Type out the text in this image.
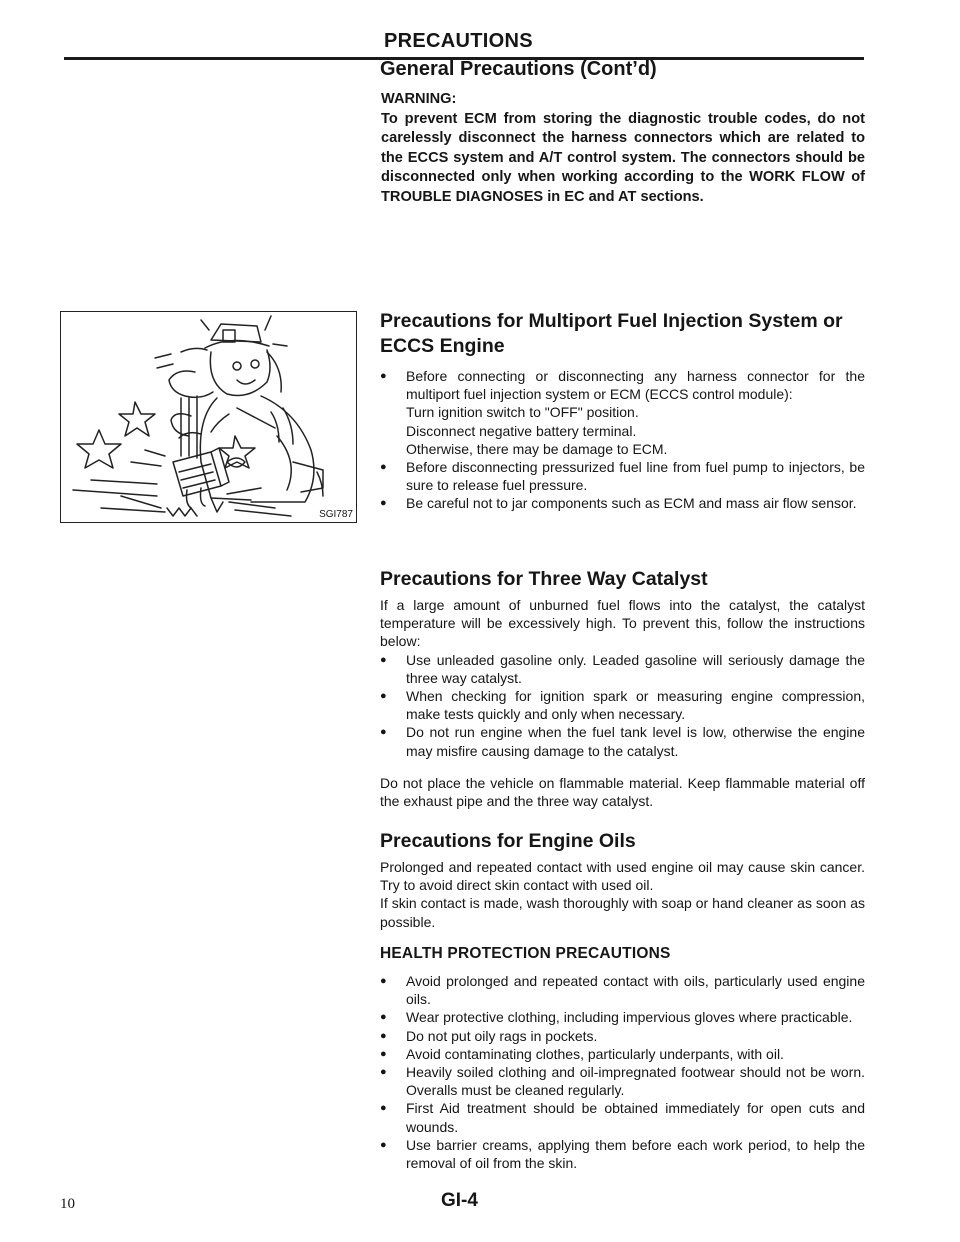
PRECAUTIONS
General Precautions (Cont’d)
WARNING:

To prevent ECM from storing the diagnostic trouble codes, do not carelessly disconnect the harness connectors which are related to the ECCS system and A/T control system. The connectors should be disconnected only when working according to the WORK FLOW of TROUBLE DIAGNOSES in EC and AT sections.

SGI787
Precautions for Multiport Fuel Injection System or ECCS Engine
● Before connecting or disconnecting any harness connector for the multiport fuel injection system or ECM (ECCS control module):
Turn ignition switch to "OFF" position.
Disconnect negative battery terminal.
Otherwise, there may be damage to ECM.
● Before disconnecting pressurized fuel line from fuel pump to injectors, be sure to release fuel pressure.
● Be careful not to jar components such as ECM and mass air flow sensor.
Precautions for Three Way Catalyst

If a large amount of unburned fuel flows into the catalyst, the catalyst temperature will be excessively high. To prevent this, follow the instructions below:

● Use unleaded gasoline only. Leaded gasoline will seriously damage the three way catalyst.
● When checking for ignition spark or measuring engine compression, make tests quickly and only when necessary.
● Do not run engine when the fuel tank level is low, otherwise the engine may misfire causing damage to the catalyst.

Do not place the vehicle on flammable material. Keep flammable material off the exhaust pipe and the three way catalyst.

Precautions for Engine Oils

Prolonged and repeated contact with used engine oil may cause skin cancer. Try to avoid direct skin contact with used oil.

If skin contact is made, wash thoroughly with soap or hand cleaner as soon as possible.

HEALTH PROTECTION PRECAUTIONS
● Avoid prolonged and repeated contact with oils, particularly used engine oils.
● Wear protective clothing, including impervious gloves where practicable.
● Do not put oily rags in pockets.
● Avoid contaminating clothes, particularly underpants, with oil.
● Heavily soiled clothing and oil-impregnated footwear should not be worn. Overalls must be cleaned regularly.
● First Aid treatment should be obtained immediately for open cuts and wounds.
● Use barrier creams, applying them before each work period, to help the removal of oil from the skin.
10	GI-4
